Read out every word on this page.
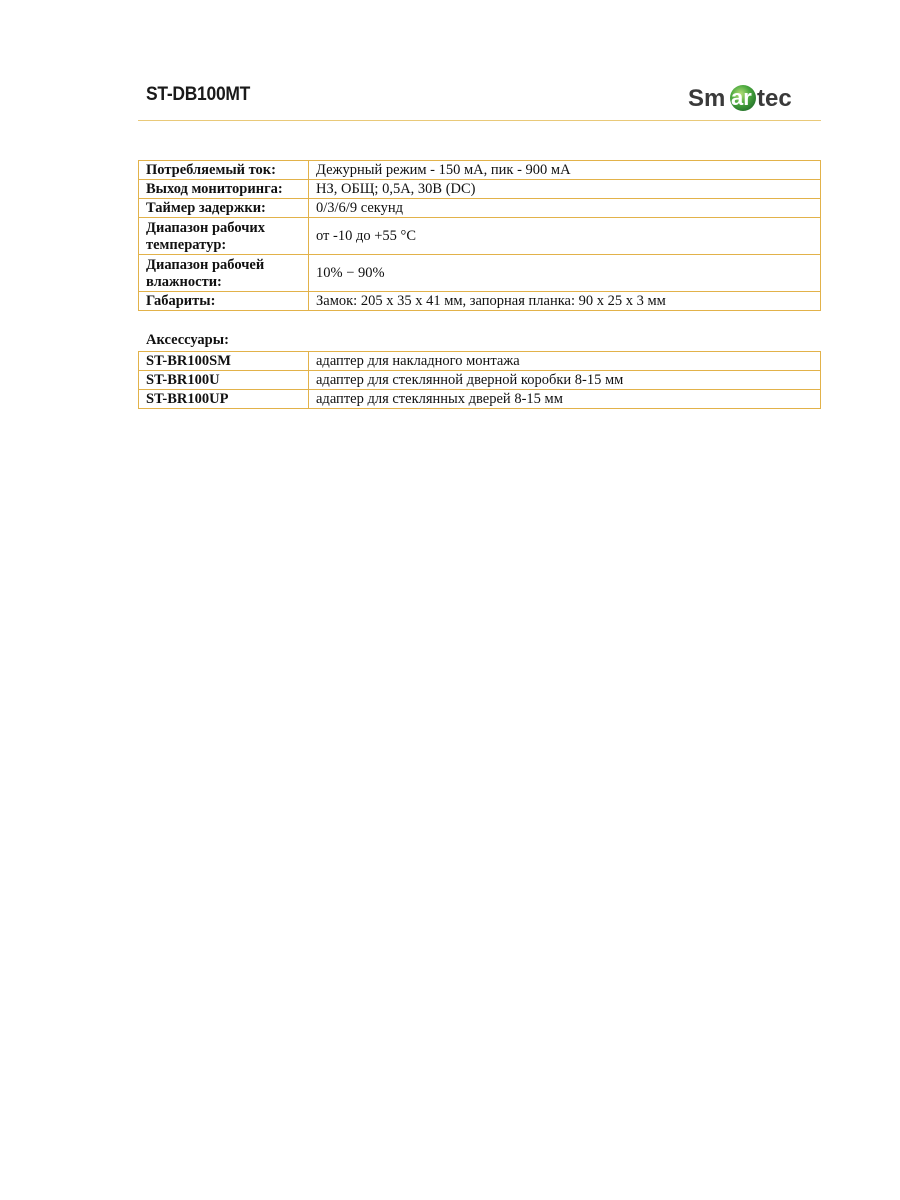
ST-DB100MT	Sm ar tec
Потребляемый ток:	Дежурный режим - 150 мА, пик - 900 мА
Выход мониторинга:	НЗ, ОБЩ; 0,5A, 30В (DC)
Таймер задержки:	0/3/6/9 секунд
Диапазон рабочих температур:	от -10 до +55 °С
Диапазон рабочей влажности:	10% − 90%
Габариты:	Замок: 205 x 35 x 41 мм, запорная планка: 90 x 25 x 3 мм
Аксессуары:
ST-BR100SM	адаптер для накладного монтажа
ST-BR100U	адаптер для стеклянной дверной коробки 8-15 мм
ST-BR100UP	адаптер для стеклянных дверей 8-15 мм
